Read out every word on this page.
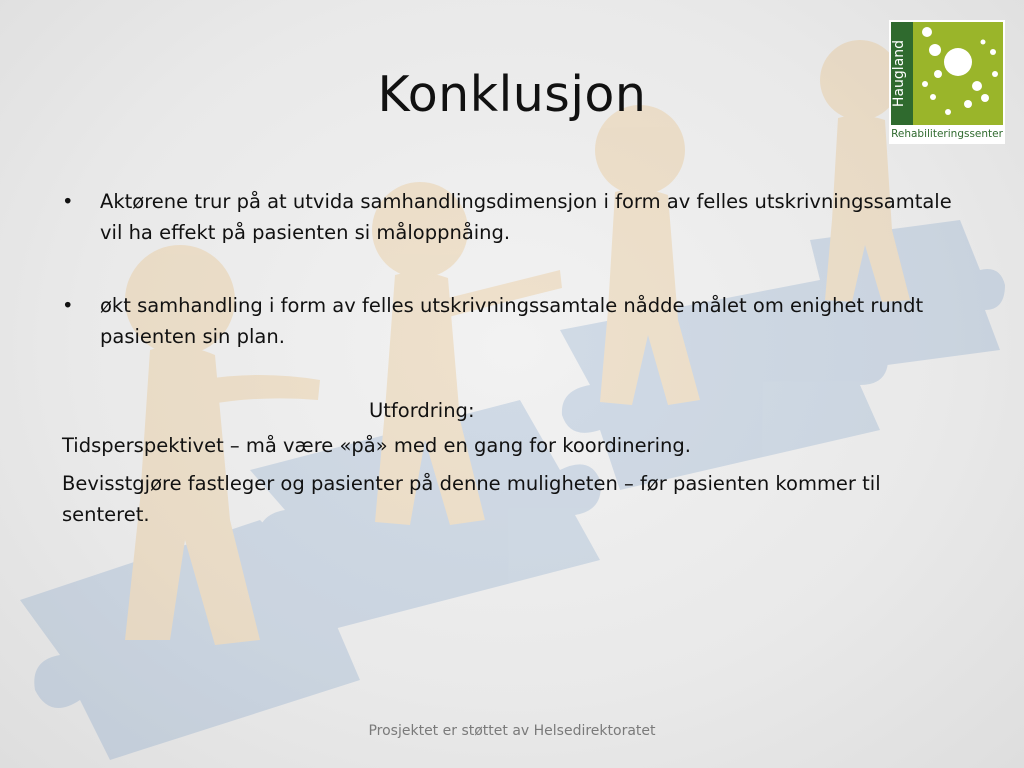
Konklusjon	Haugland
Rehabiliteringssenter
• Aktørene trur på at utvida samhandlingsdimensjon i form av felles utskrivningssamtale vil ha effekt på pasienten si måloppnåing.
• økt samhandling i form av felles utskrivningssamtale nådde målet om enighet rundt pasienten sin plan.
Utfordring:
Tidsperspektivet – må være «på» med en gang for koordinering.
Bevisstgjøre fastleger og pasienter på denne muligheten – før pasienten kommer til senteret.
Prosjektet er støttet av Helsedirektoratet
